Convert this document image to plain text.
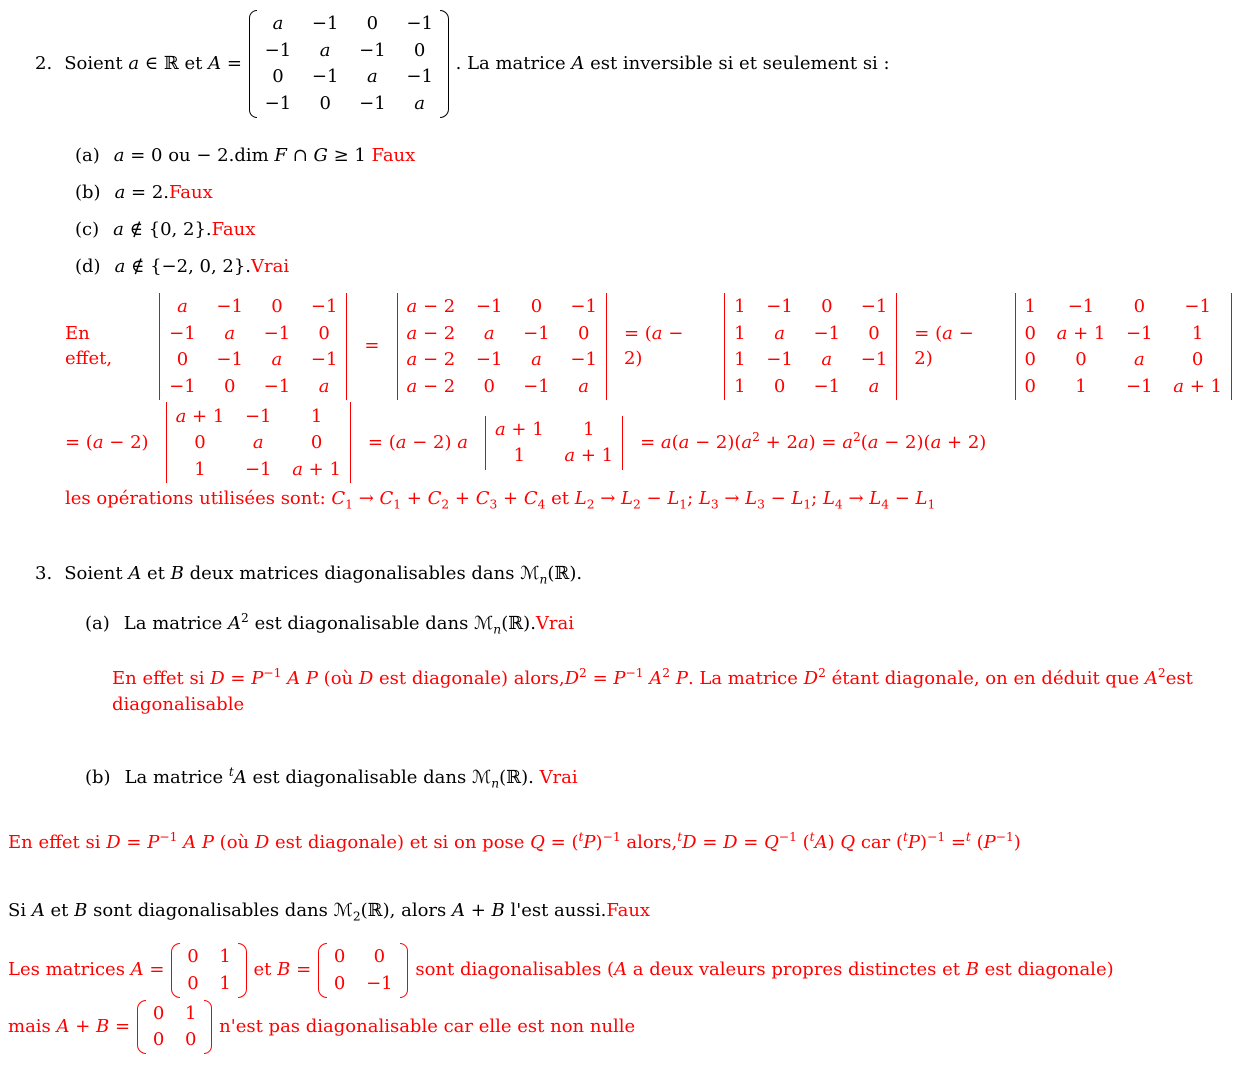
2. Soient a ∈ ℝ et A =
a −1 0 −1
−1 a −1 0
0 −1 a −1
−1 0 −1 a
. La matrice A est inversible si et seulement si :
(a) a = 0 ou − 2.dim F ∩ G ≥ 1 Faux
(b) a = 2.Faux
(c) a ∉ {0, 2}.Faux
(d) a ∉ {−2, 0, 2}.Vrai
En effet,
a −1 0 −1
−1 a −1 0
0 −1 a −1
−1 0 −1 a
=
a − 2 −1 0 −1
a − 2 a −1 0
a − 2 −1 a −1
a − 2 0 −1 a
= (a − 2)
1 −1 0 −1
1 a −1 0
1 −1 a −1
1 0 −1 a
= (a − 2)
1 −1 0 −1
0 a + 1 −1 1
0 0	a	0
0 1 −1 a + 1
= (a − 2)
a + 1 −1 1
0	a	0
1 −1 a + 1
= (a − 2) a
a + 1 1
1 a + 1
= $a(a - 2)(a^2 + 2a) = a^2(a - 2)(a + 2)$
les opérations utilisées sont: $C_1 \to C_1 + C_2 + C_3 + C_4$ et $L_2 \to L_2 - L_1$; $L_3 \to L_3 - L_1$; $L_4 \to L_4 - L_1$
3. Soient A et B deux matrices diagonalisables dans ℳ$_n$(ℝ).
(a) La matrice $A^2$ est diagonalisable dans ℳ$_n$(ℝ).Vrai

En effet si $D = P^{-1}$ A P (où D est diagonale) $alors,D^2 = P^{-1}$ $A^2$ P. La matrice $D^2$ étant diagonale, on en déduit que $A^2est$ diagonalisable

(b) La matrice $^t$A est diagonalisable dans ℳ$_n$(ℝ). Vrai

En effet si $D = P^{-1}$ A P (où D est diagonale) et si on pose $Q = (^tP)^{-1}$ alors,$^t$D = $D = Q^{-1}$ ($^t$A) Q car $(^tP)^{-1} =^t$ $(P^{-1})$

Si A et B sont diagonalisables dans ℳ$_2$(ℝ), alors A + B l'est aussi.Faux
Les matrices A =
0 1
0 1
et B =
0 0
0 −1
sont diagonalisables (A a deux valeurs propres distinctes et B est diagonale)
mais A + B =
0 1
0 0
n'est pas diagonalisable car elle est non nulle
